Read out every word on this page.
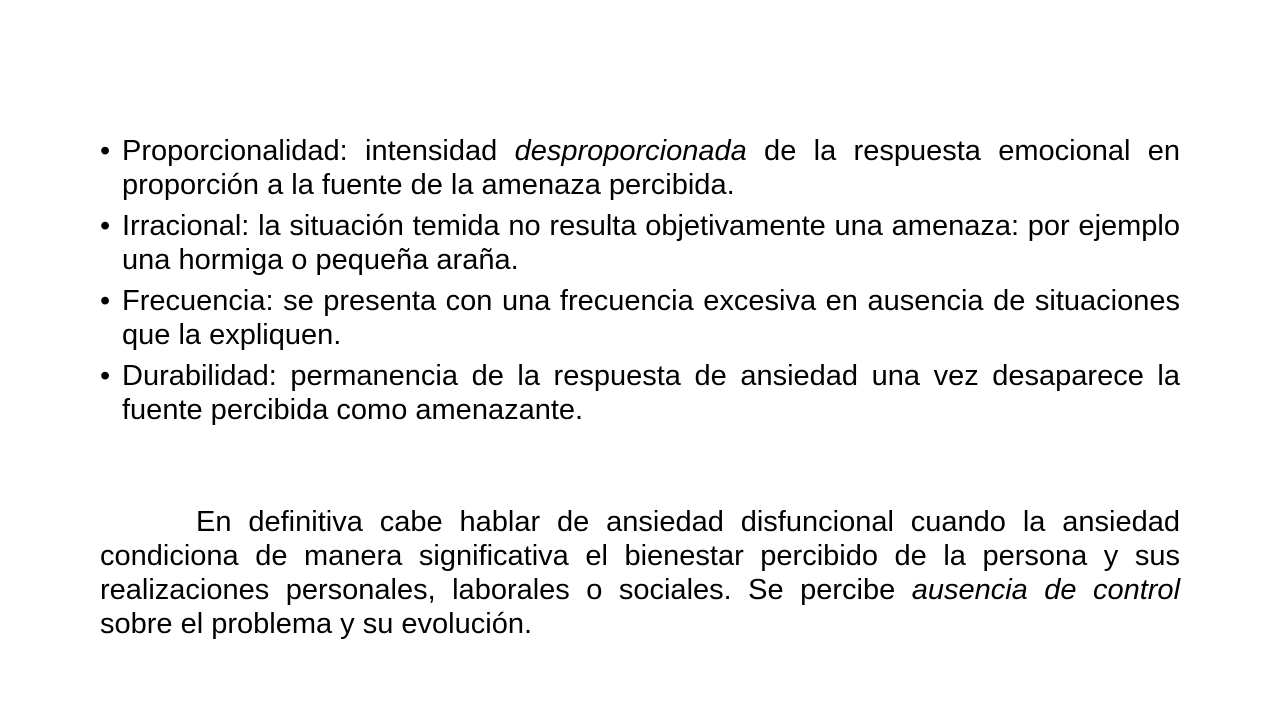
• Proporcionalidad: intensidad desproporcionada de la respuesta emocional en proporción a la fuente de la amenaza percibida.
• Irracional: la situación temida no resulta objetivamente una amenaza: por ejemplo una hormiga o pequeña araña.
• Frecuencia: se presenta con una frecuencia excesiva en ausencia de situaciones que la expliquen.
• Durabilidad: permanencia de la respuesta de ansiedad una vez desaparece la fuente percibida como amenazante.

En definitiva cabe hablar de ansiedad disfuncional cuando la ansiedad condiciona de manera significativa el bienestar percibido de la persona y sus realizaciones personales, laborales o sociales. Se percibe ausencia de control sobre el problema y su evolución.
